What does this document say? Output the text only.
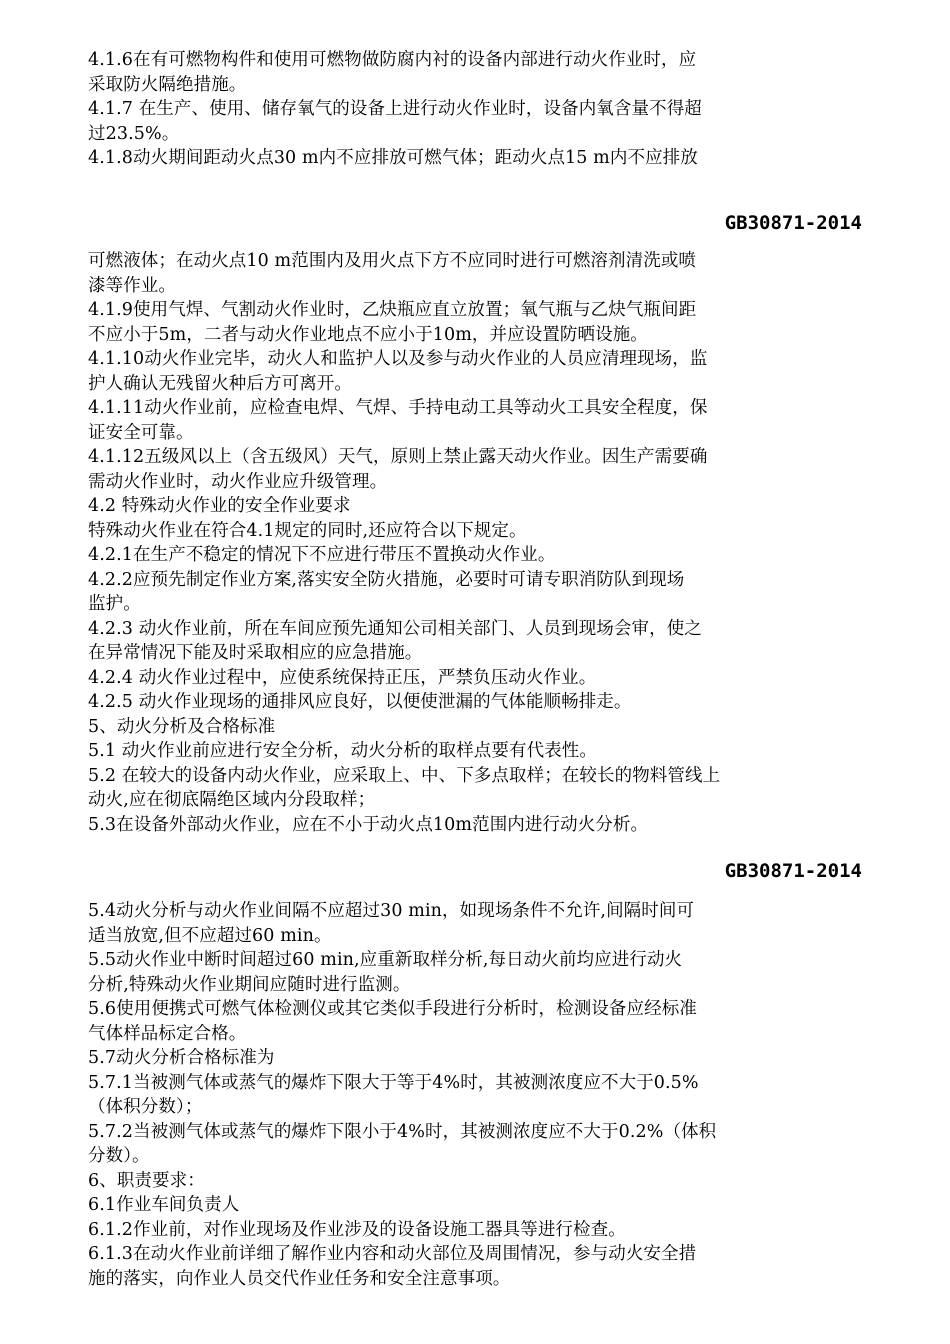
4.1.6在有可燃物构件和使用可燃物做防腐内衬的设备内部进行动火作业时，应
采取防火隔绝措施。
4.1.7 在生产、使用、储存氧气的设备上进行动火作业时，设备内氧含量不得超
过23.5%。
4.1.8动火期间距动火点30 m内不应排放可燃气体；距动火点15 m内不应排放
GB30871-2014
可燃液体；在动火点10 m范围内及用火点下方不应同时进行可燃溶剂清洗或喷
漆等作业。
4.1.9使用气焊、气割动火作业时，乙炔瓶应直立放置；氧气瓶与乙炔气瓶间距
不应小于5m，二者与动火作业地点不应小于10m，并应设置防晒设施。
4.1.10动火作业完毕，动火人和监护人以及参与动火作业的人员应清理现场，监
护人确认无残留火种后方可离开。
4.1.11动火作业前，应检查电焊、气焊、手持电动工具等动火工具安全程度，保
证安全可靠。
4.1.12五级风以上（含五级风）天气，原则上禁止露天动火作业。因生产需要确
需动火作业时，动火作业应升级管理。
4.2 特殊动火作业的安全作业要求
特殊动火作业在符合4.1规定的同时,还应符合以下规定。
4.2.1在生产不稳定的情况下不应进行带压不置换动火作业。
4.2.2应预先制定作业方案,落实安全防火措施，必要时可请专职消防队到现场
监护。
4.2.3 动火作业前，所在车间应预先通知公司相关部门、人员到现场会审，使之
在异常情况下能及时采取相应的应急措施。
4.2.4 动火作业过程中，应使系统保持正压，严禁负压动火作业。
4.2.5 动火作业现场的通排风应良好，以便使泄漏的气体能顺畅排走。
5、动火分析及合格标准
5.1 动火作业前应进行安全分析，动火分析的取样点要有代表性。
5.2 在较大的设备内动火作业，应采取上、中、下多点取样；在较长的物料管线上
动火,应在彻底隔绝区域内分段取样；
5.3在设备外部动火作业，应在不小于动火点10m范围内进行动火分析。
GB30871-2014
5.4动火分析与动火作业间隔不应超过30 min，如现场条件不允许,间隔时间可
适当放宽,但不应超过60 min。
5.5动火作业中断时间超过60 min,应重新取样分析,每日动火前均应进行动火
分析,特殊动火作业期间应随时进行监测。
5.6使用便携式可燃气体检测仪或其它类似手段进行分析时，检测设备应经标准
气体样品标定合格。
5.7动火分析合格标准为
5.7.1当被测气体或蒸气的爆炸下限大于等于4%时，其被测浓度应不大于0.5%
（体积分数）；
5.7.2当被测气体或蒸气的爆炸下限小于4%时，其被测浓度应不大于0.2%（体积
分数）。
6、职责要求：
6.1作业车间负责人
6.1.2作业前，对作业现场及作业涉及的设备设施工器具等进行检查。
6.1.3在动火作业前详细了解作业内容和动火部位及周围情况，参与动火安全措
施的落实，向作业人员交代作业任务和安全注意事项。
